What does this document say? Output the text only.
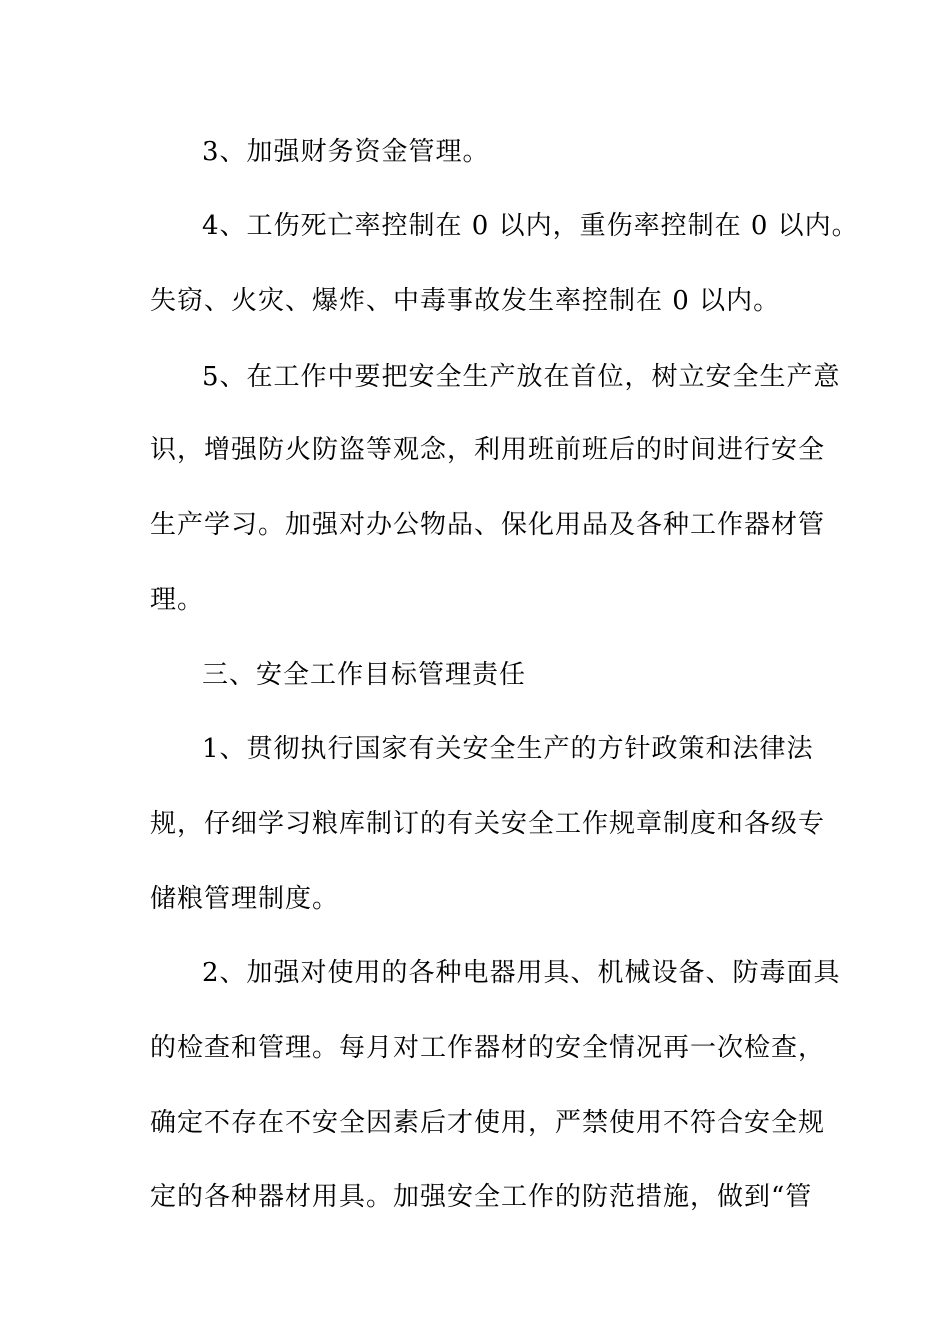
3、加强财务资金管理。
4、工伤死亡率控制在 0 以内，重伤率控制在 0 以内。
失窃、火灾、爆炸、中毒事故发生率控制在 0 以内。
5、在工作中要把安全生产放在首位，树立安全生产意
识，增强防火防盗等观念，利用班前班后的时间进行安全
生产学习。加强对办公物品、保化用品及各种工作器材管
理。
三、安全工作目标管理责任
1、贯彻执行国家有关安全生产的方针政策和法律法
规，仔细学习粮库制订的有关安全工作规章制度和各级专
储粮管理制度。
2、加强对使用的各种电器用具、机械设备、防毒面具
的检查和管理。每月对工作器材的安全情况再一次检查，
确定不存在不安全因素后才使用，严禁使用不符合安全规
定的各种器材用具。加强安全工作的防范措施，做到“管
